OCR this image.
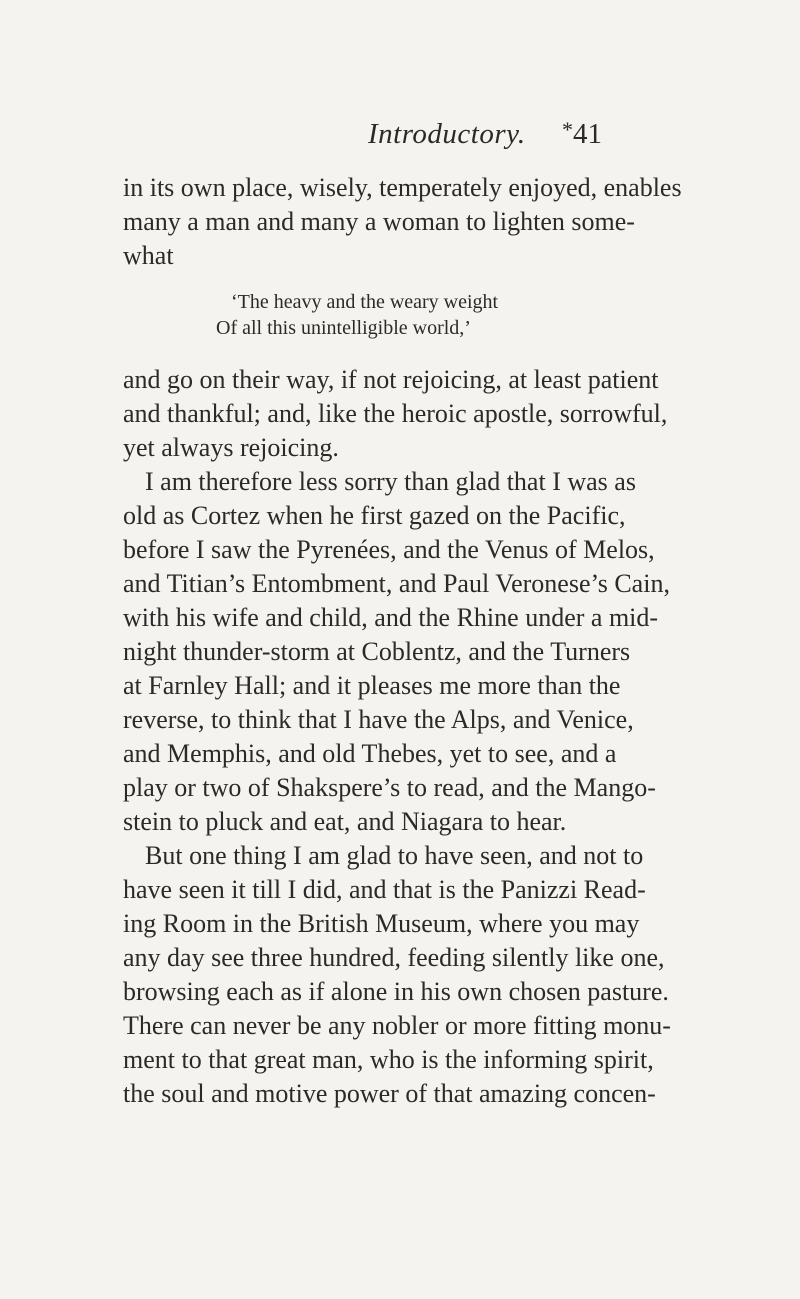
Introductory. *41
in its own place, wisely, temperately enjoyed, enables
many a man and many a woman to lighten some-
what
‘The heavy and the weary weight
Of all this unintelligible world,’
and go on their way, if not rejoicing, at least patient
and thankful; and, like the heroic apostle, sorrowful,
yet always rejoicing.
I am therefore less sorry than glad that I was as
old as Cortez when he first gazed on the Pacific,
before I saw the Pyrenées, and the Venus of Melos,
and Titian’s Entombment, and Paul Veronese’s Cain,
with his wife and child, and the Rhine under a mid-
night thunder-storm at Coblentz, and the Turners
at Farnley Hall; and it pleases me more than the
reverse, to think that I have the Alps, and Venice,
and Memphis, and old Thebes, yet to see, and a
play or two of Shakspere’s to read, and the Mango-
stein to pluck and eat, and Niagara to hear.
But one thing I am glad to have seen, and not to
have seen it till I did, and that is the Panizzi Read-
ing Room in the British Museum, where you may
any day see three hundred, feeding silently like one,
browsing each as if alone in his own chosen pasture.
There can never be any nobler or more fitting monu-
ment to that great man, who is the informing spirit,
the soul and motive power of that amazing concen-
